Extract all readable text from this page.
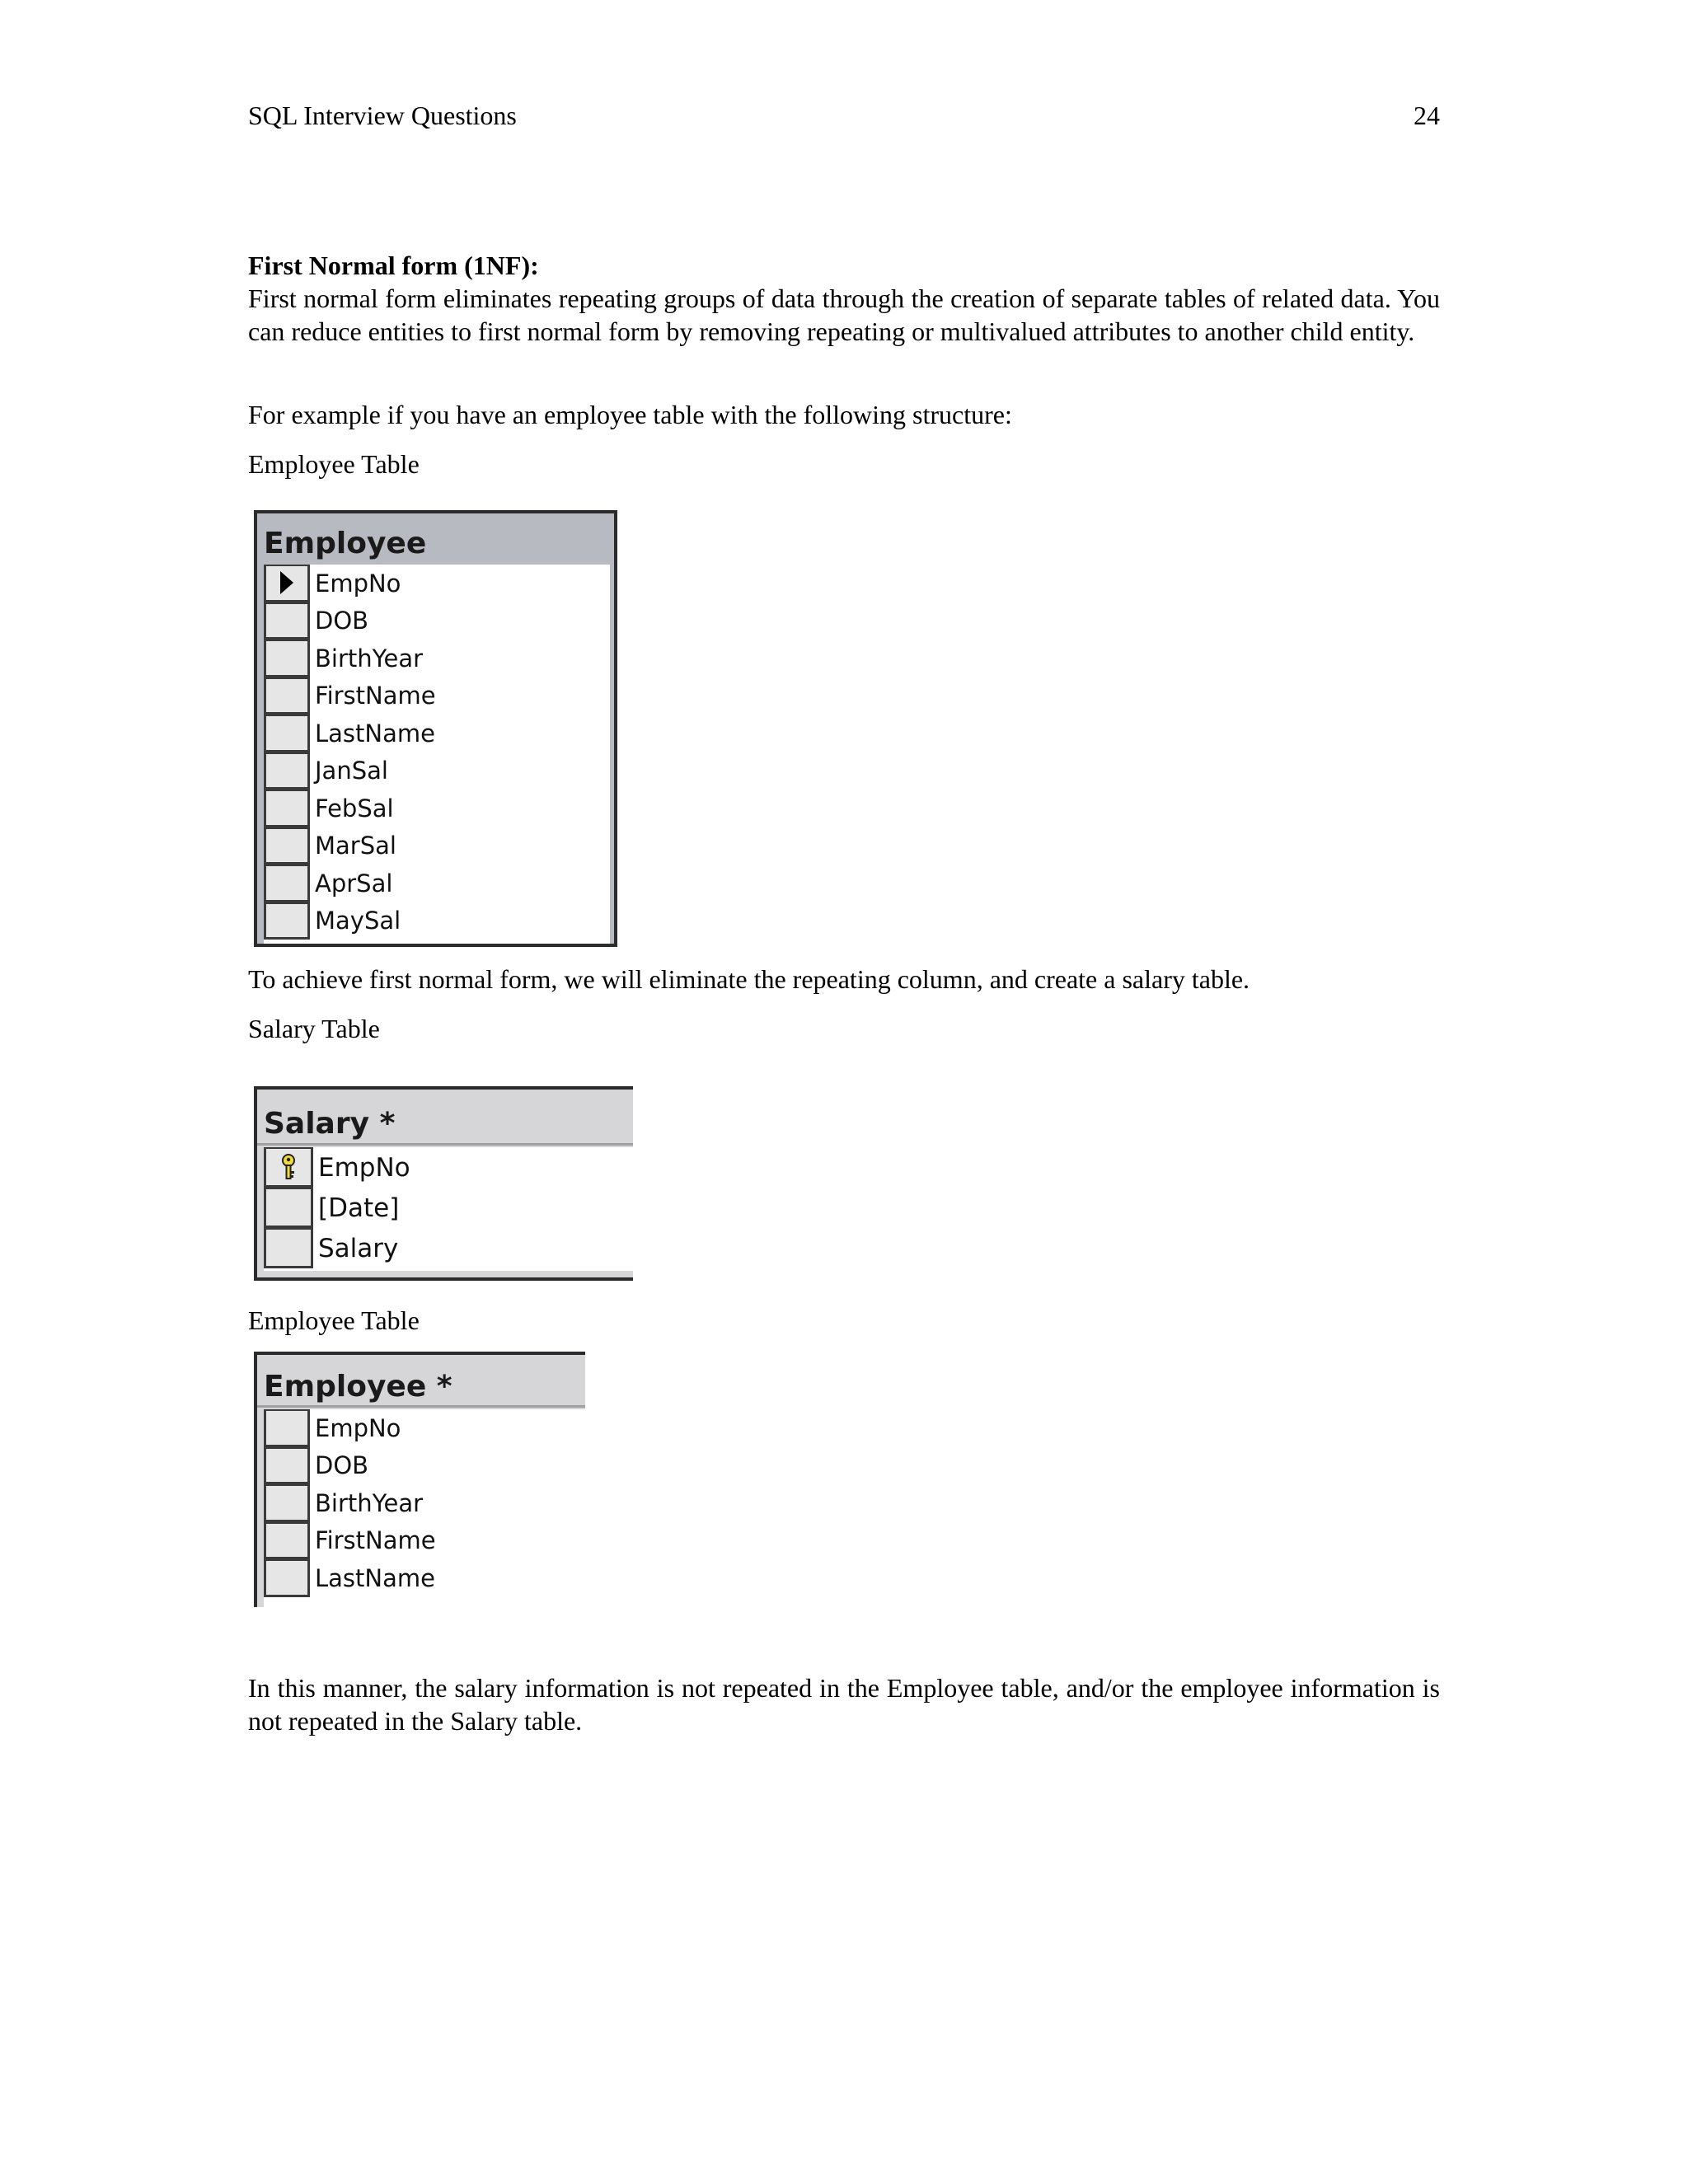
SQL Interview Questions	24
First Normal form (1NF):
First normal form eliminates repeating groups of data through the creation of separate tables of related data. You can reduce entities to first normal form by removing repeating or multivalued attributes to another child entity.
For example if you have an employee table with the following structure:
Employee Table
Employee
EmpNo
DOB
BirthYear
FirstName
LastName
JanSal
FebSal
MarSal
AprSal
MaySal
To achieve first normal form, we will eliminate the repeating column, and create a salary table.
Salary Table
Salary *
EmpNo
[Date]
Salary
Employee Table
Employee *
EmpNo
DOB
BirthYear
FirstName
LastName
In this manner, the salary information is not repeated in the Employee table, and/or the employee information is not repeated in the Salary table.
